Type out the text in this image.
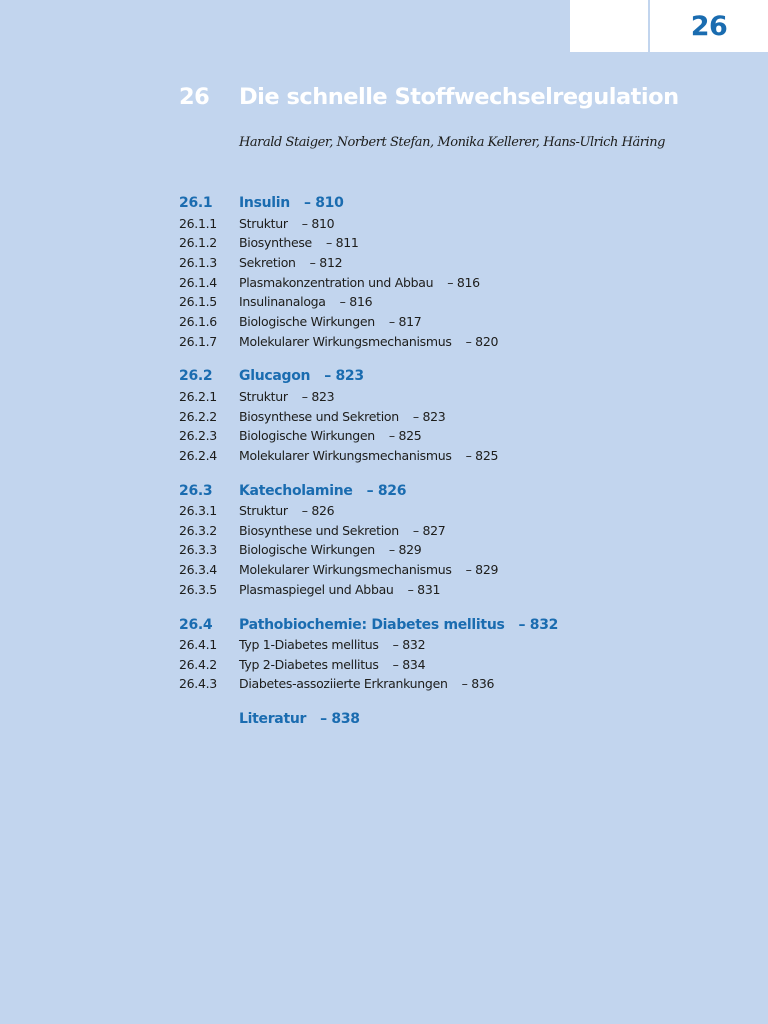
26
26 Die schnelle Stoffwechselregulation
Harald Staiger, Norbert Stefan, Monika Kellerer, Hans-Ulrich Häring
26.1 Insulin – 810
26.1.1 Struktur – 810
26.1.2 Biosynthese – 811
26.1.3 Sekretion – 812
26.1.4 Plasmakonzentration und Abbau – 816
26.1.5 Insulinanaloga – 816
26.1.6 Biologische Wirkungen – 817
26.1.7 Molekularer Wirkungsmechanismus – 820
26.2 Glucagon – 823
26.2.1 Struktur – 823
26.2.2 Biosynthese und Sekretion – 823
26.2.3 Biologische Wirkungen – 825
26.2.4 Molekularer Wirkungsmechanismus – 825
26.3 Katecholamine – 826
26.3.1 Struktur – 826
26.3.2 Biosynthese und Sekretion – 827
26.3.3 Biologische Wirkungen – 829
26.3.4 Molekularer Wirkungsmechanismus – 829
26.3.5 Plasmaspiegel und Abbau – 831
26.4 Pathobiochemie: Diabetes mellitus – 832
26.4.1 Typ 1-Diabetes mellitus – 832
26.4.2 Typ 2-Diabetes mellitus – 834
26.4.3 Diabetes-assoziierte Erkrankungen – 836
Literatur – 838
